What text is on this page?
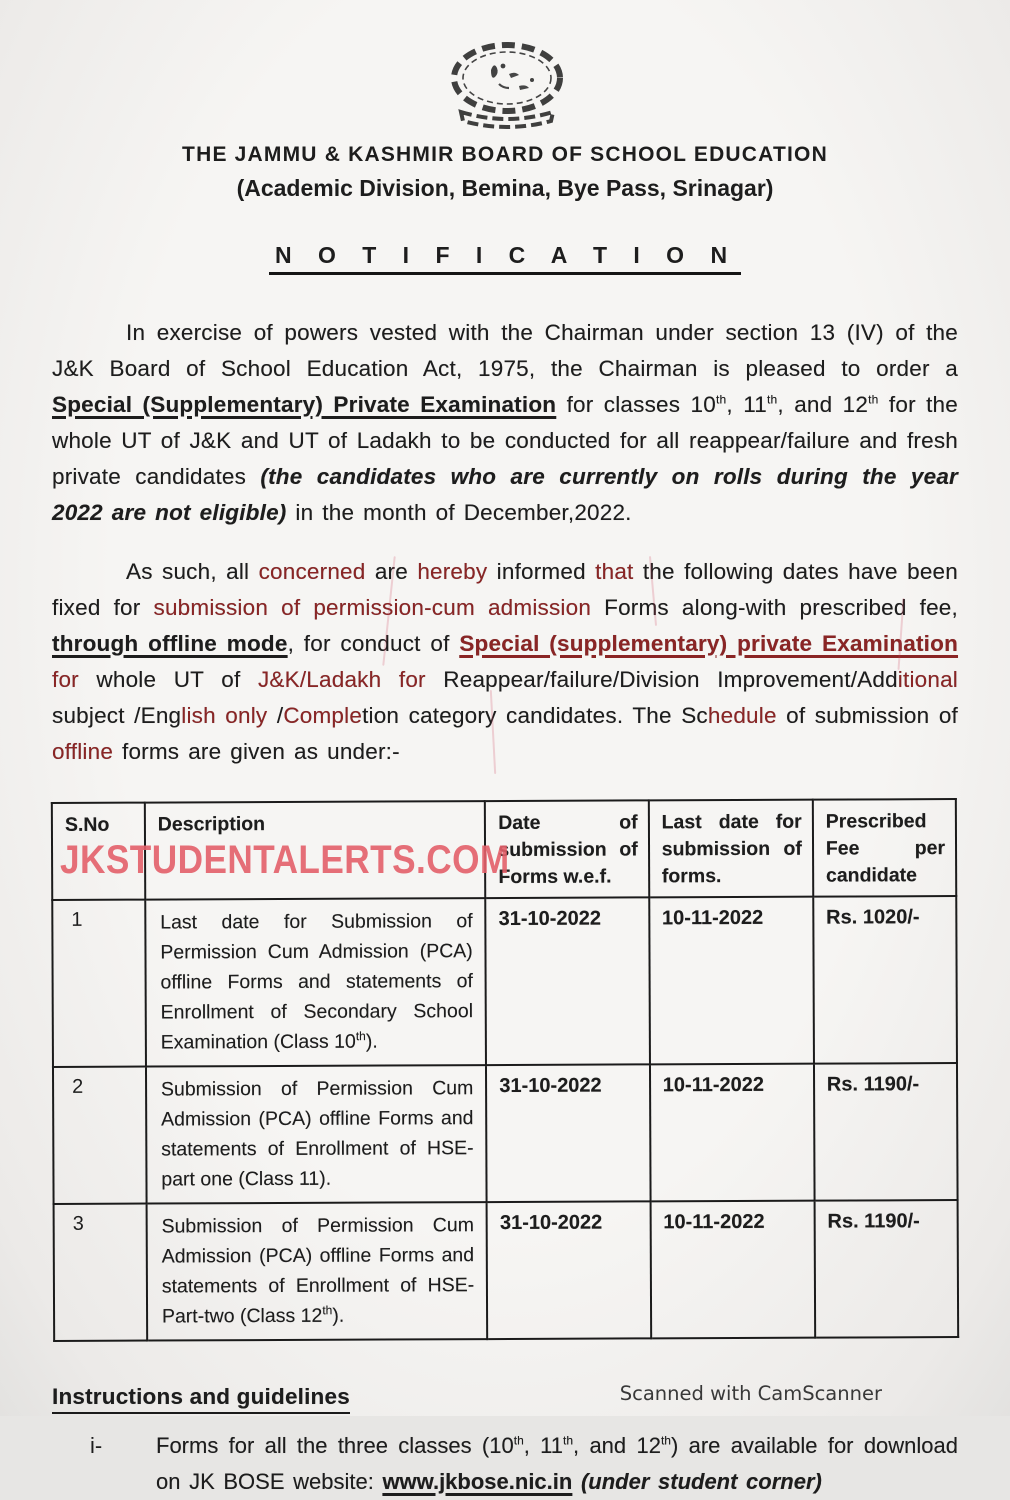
THE JAMMU & KASHMIR BOARD OF SCHOOL EDUCATION
(Academic Division, Bemina, Bye Pass, Srinagar)
N O T I F I C A T I O N

In exercise of powers vested with the Chairman under section 13 (IV) of the J&K Board of School Education Act, 1975, the Chairman is pleased to order a Special (Supplementary) Private Examination for classes 10th, 11th, and 12th for the whole UT of J&K and UT of Ladakh to be conducted for all reappear/failure and fresh private candidates (the candidates who are currently on rolls during the year 2022 are not eligible) in the month of December,2022.

As such, all concerned are hereby informed that the following dates have been fixed for submission of permission-cum admission Forms along-with prescribed fee, through offline mode, for conduct of Special (supplementary) private Examination for whole UT of J&K/Ladakh for Reappear/failure/Division Improvement/Additional subject /English only /Completion category candidates. The Schedule of submission of offline forms are given as under:-

JKSTUDENTALERTS.COM
S.No	Description	Date of submission of Forms w.e.f.	Last date for submission of forms.	Prescribed Fee per candidate
1	Last date for Submission of Permission Cum Admission (PCA) offline Forms and statements of Enrollment of Secondary School Examination (Class 10th).	31-10-2022	10-11-2022	Rs. 1020/-
2	Submission of Permission Cum Admission (PCA) offline Forms and statements of Enrollment of HSE-part one (Class 11).	31-10-2022	10-11-2022	Rs. 1190/-
3	Submission of Permission Cum Admission (PCA) offline Forms and statements of Enrollment of HSE-Part-two (Class 12th).	31-10-2022	10-11-2022	Rs. 1190/-
Instructions and guidelines
i-	Forms for all the three classes (10th, 11th, and 12th) are available for download on JK BOSE website: www.jkbose.nic.in (under student corner)
Scanned with CamScanner
